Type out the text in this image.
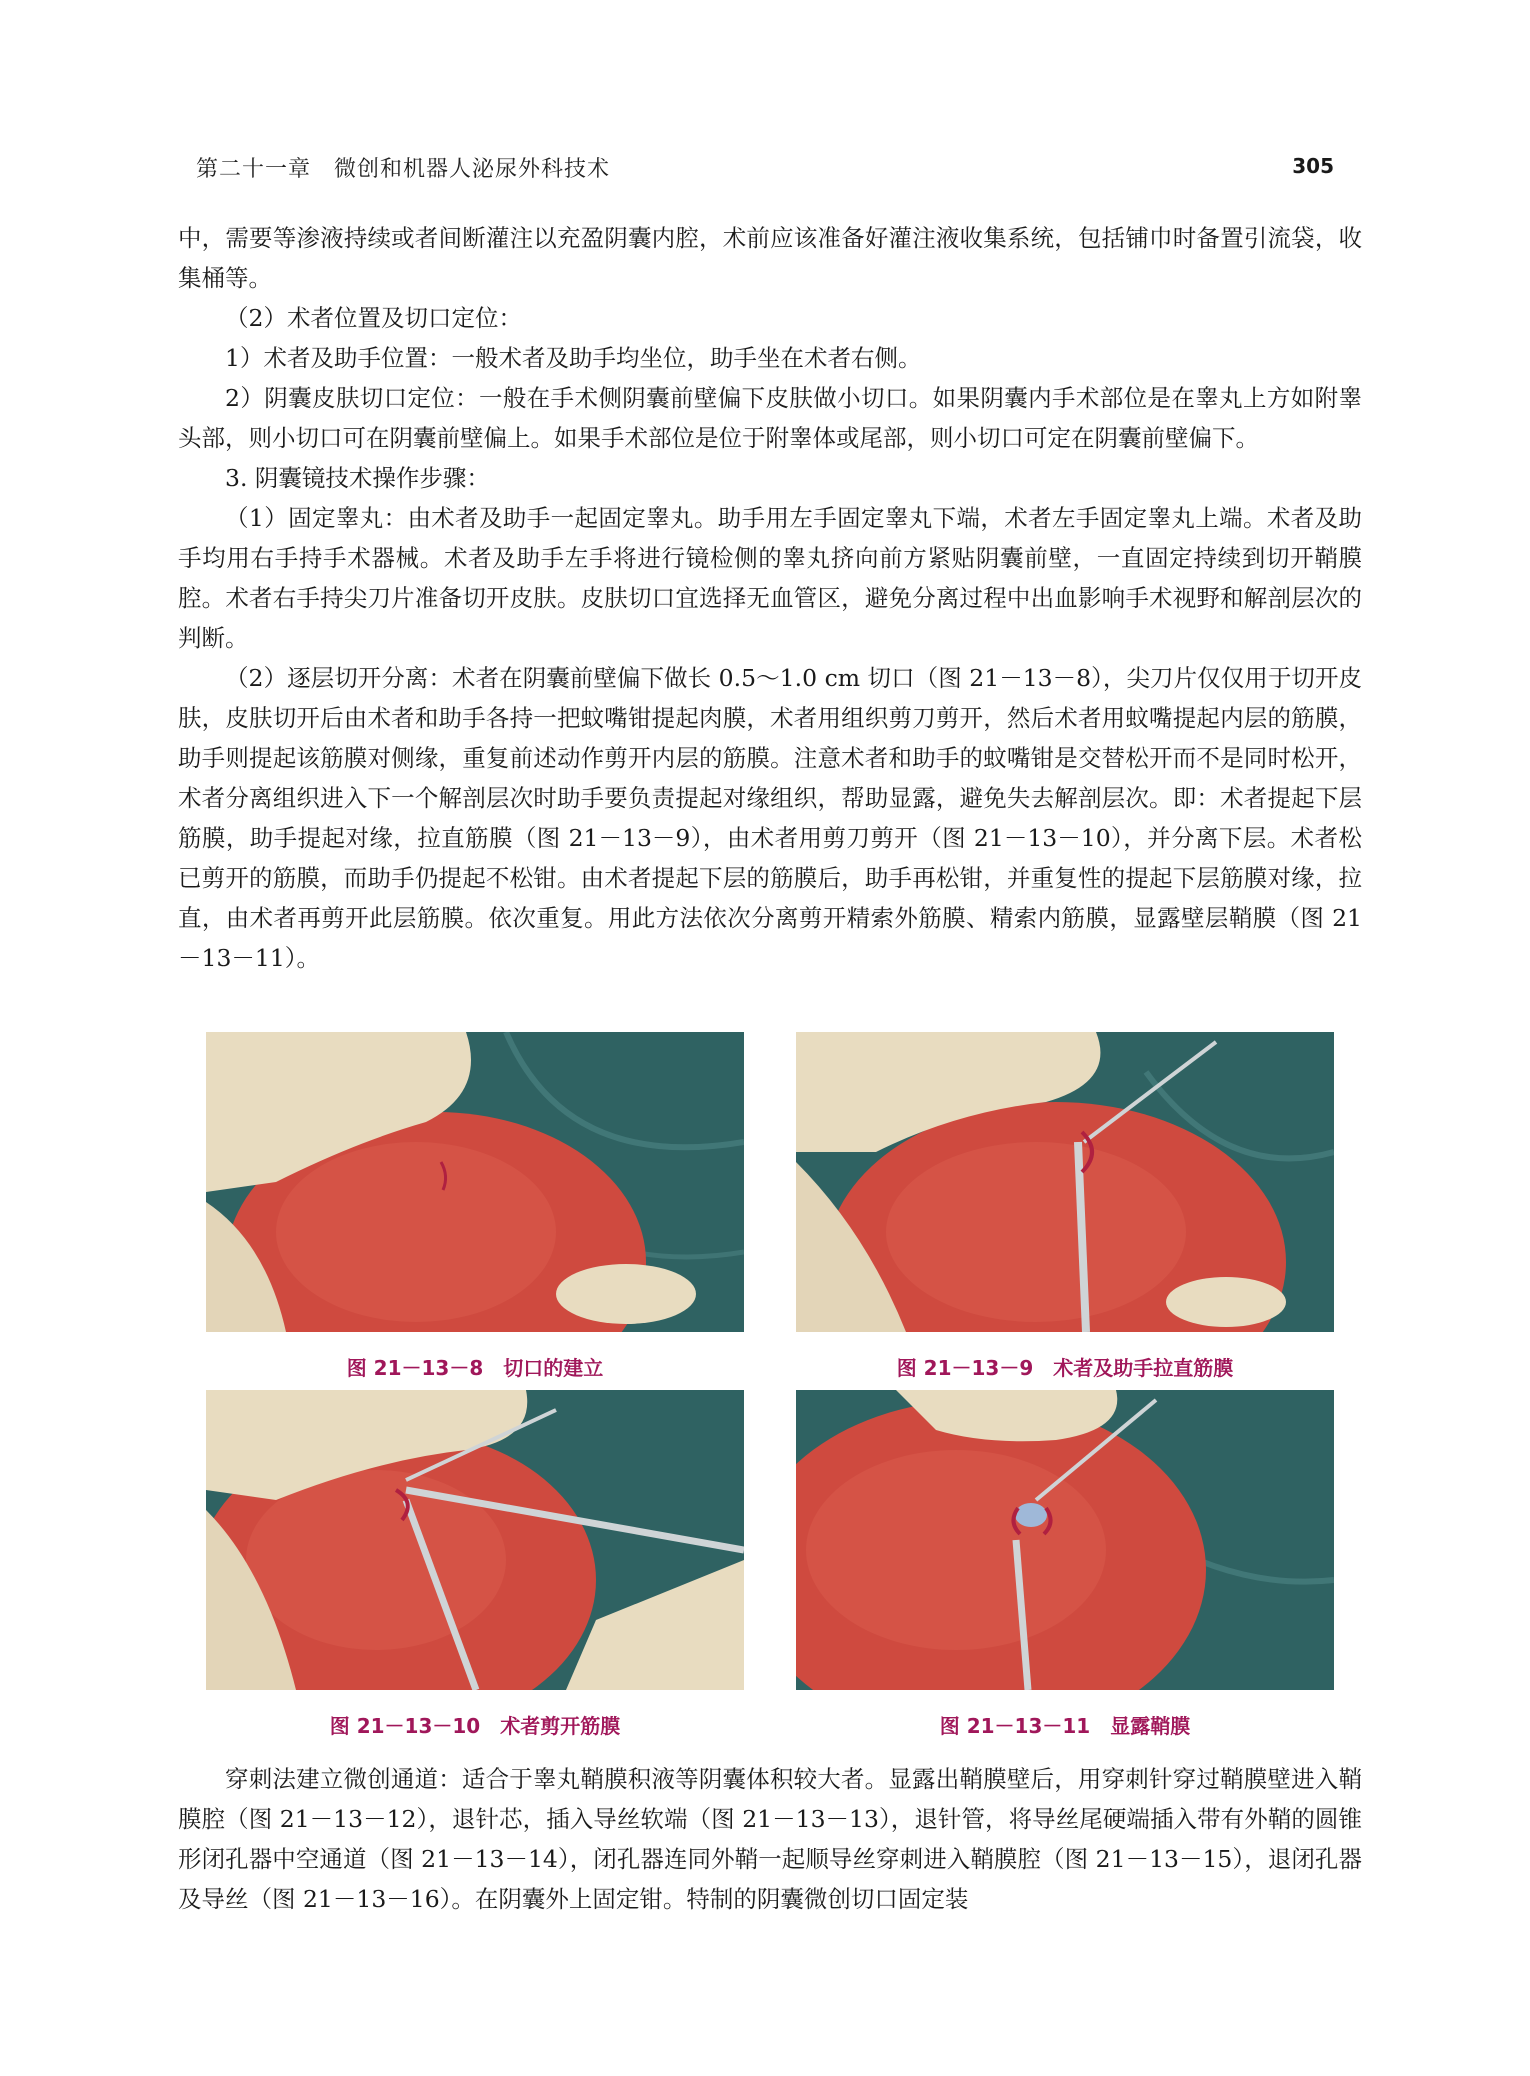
第二十一章　微创和机器人泌尿外科技术	305

中，需要等渗液持续或者间断灌注以充盈阴囊内腔，术前应该准备好灌注液收集系统，包括铺巾时备置引流袋，收集桶等。

（2）术者位置及切口定位：

1）术者及助手位置：一般术者及助手均坐位，助手坐在术者右侧。

2）阴囊皮肤切口定位：一般在手术侧阴囊前壁偏下皮肤做小切口。如果阴囊内手术部位是在睾丸上方如附睾头部，则小切口可在阴囊前壁偏上。如果手术部位是位于附睾体或尾部，则小切口可定在阴囊前壁偏下。

3. 阴囊镜技术操作步骤：

（1）固定睾丸：由术者及助手一起固定睾丸。助手用左手固定睾丸下端，术者左手固定睾丸上端。术者及助手均用右手持手术器械。术者及助手左手将进行镜检侧的睾丸挤向前方紧贴阴囊前壁，一直固定持续到切开鞘膜腔。术者右手持尖刀片准备切开皮肤。皮肤切口宜选择无血管区，避免分离过程中出血影响手术视野和解剖层次的判断。

（2）逐层切开分离：术者在阴囊前壁偏下做长 0.5～1.0 cm 切口（图 21－13－8），尖刀片仅仅用于切开皮肤，皮肤切开后由术者和助手各持一把蚊嘴钳提起肉膜，术者用组织剪刀剪开，然后术者用蚊嘴提起内层的筋膜，助手则提起该筋膜对侧缘，重复前述动作剪开内层的筋膜。注意术者和助手的蚊嘴钳是交替松开而不是同时松开，术者分离组织进入下一个解剖层次时助手要负责提起对缘组织，帮助显露，避免失去解剖层次。即：术者提起下层筋膜，助手提起对缘，拉直筋膜（图 21－13－9），由术者用剪刀剪开（图 21－13－10），并分离下层。术者松已剪开的筋膜，而助手仍提起不松钳。由术者提起下层的筋膜后，助手再松钳，并重复性的提起下层筋膜对缘，拉直，由术者再剪开此层筋膜。依次重复。用此方法依次分离剪开精索外筋膜、精索内筋膜，显露壁层鞘膜（图 21－13－11）。

图 21－13－8　切口的建立	图 21－13－9　术者及助手拉直筋膜
图 21－13－10　术者剪开筋膜	图 21－13－11　显露鞘膜

穿刺法建立微创通道：适合于睾丸鞘膜积液等阴囊体积较大者。显露出鞘膜壁后，用穿刺针穿过鞘膜壁进入鞘膜腔（图 21－13－12），退针芯，插入导丝软端（图 21－13－13），退针管，将导丝尾硬端插入带有外鞘的圆锥形闭孔器中空通道（图 21－13－14），闭孔器连同外鞘一起顺导丝穿刺进入鞘膜腔（图 21－13－15），退闭孔器及导丝（图 21－13－16）。在阴囊外上固定钳。特制的阴囊微创切口固定装
